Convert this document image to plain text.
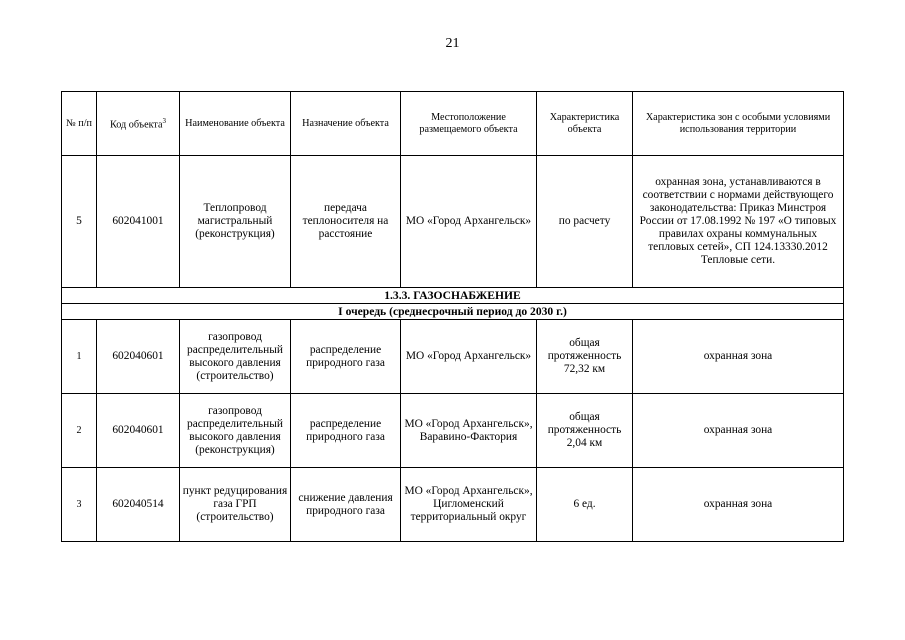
21
№ п/п	Код объекта$^3$	Наименование объекта	Назначение объекта	Местоположение размещаемого объекта	Характеристика объекта	Характеристика зон с особыми условиями использования территории
5	602041001	Теплопровод магистральный (реконструкция)	передача теплоносителя на расстояние	МО «Город Архангельск»	по расчету	охранная зона, устанавливаются в соответствии с нормами действующего законодательства: Приказ Минстроя России от 17.08.1992 № 197 «О типовых правилах охраны коммунальных тепловых сетей», СП 124.13330.2012 Тепловые сети.
1.3.3. ГАЗОСНАБЖЕНИЕ						
I очередь (среднесрочный период до 2030 г.)						
1	602040601	газопровод распределительный высокого давления (строительство)	распределение природного газа	МО «Город Архангельск»	общая протяженность 72,32 км	охранная зона
2	602040601	газопровод распределительный высокого давления (реконструкция)	распределение природного газа	МО «Город Архангельск», Варавино-Фактория	общая протяженность 2,04 км	охранная зона
3	602040514	пункт редуцирования газа ГРП (строительство)	снижение давления природного газа	МО «Город Архангельск», Цигломенский территориальный округ	6 ед.	охранная зона
